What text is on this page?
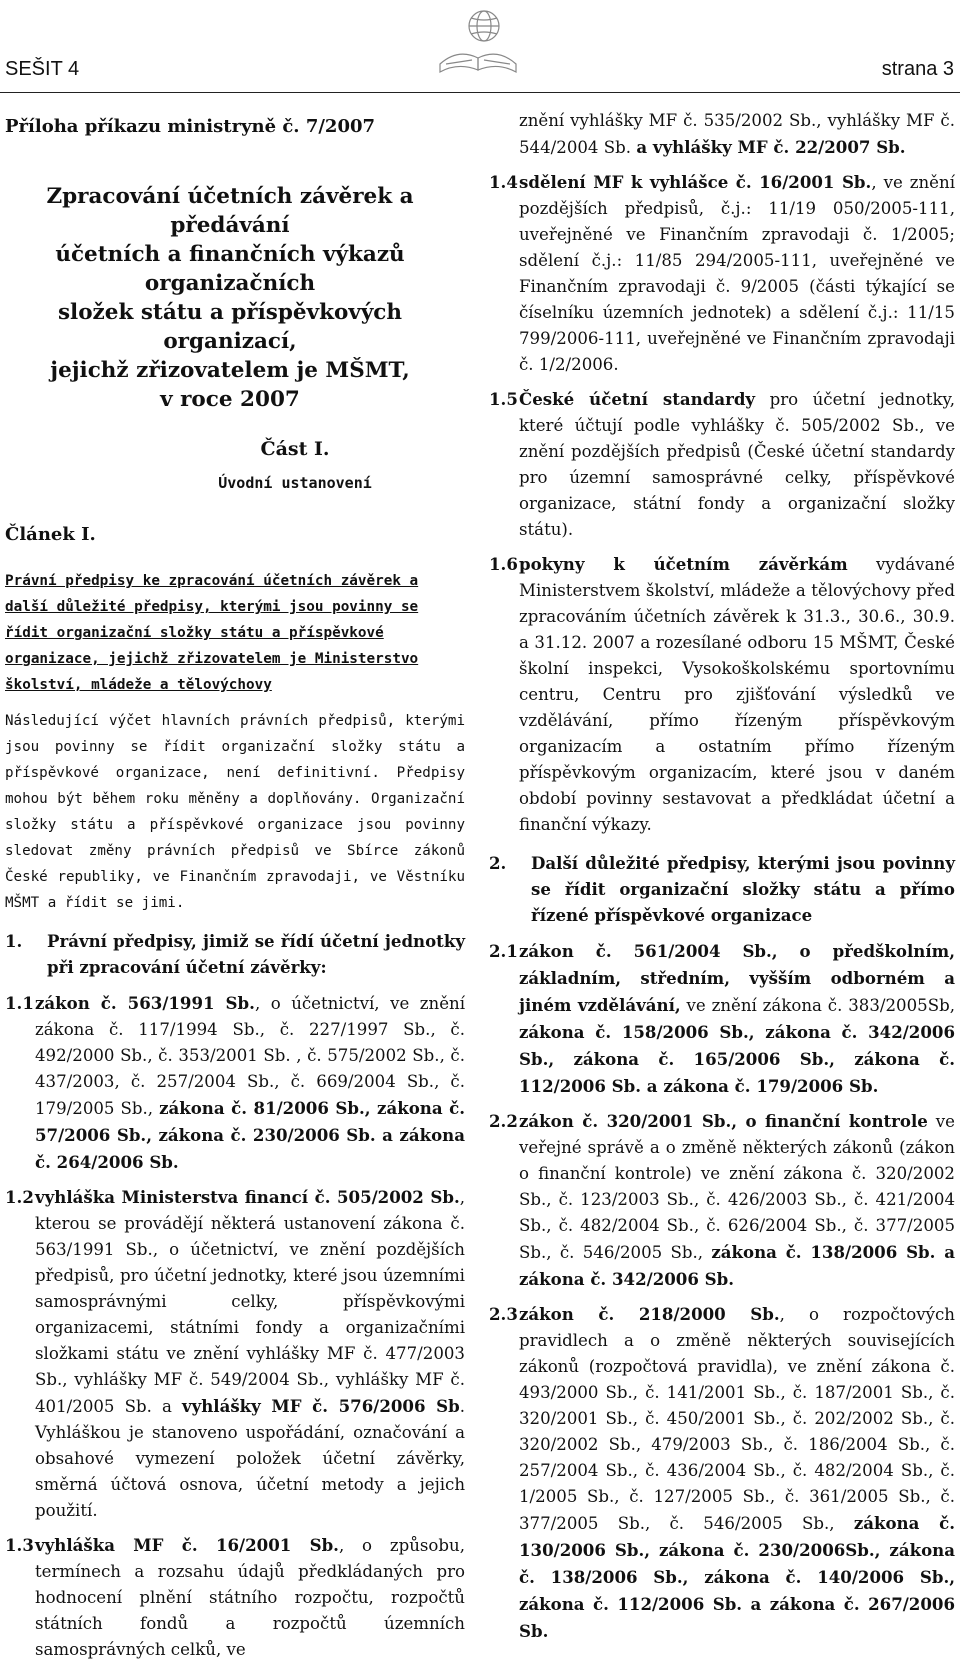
SEŠIT 4	strana 3
Příloha příkazu ministryně č. 7/2007
Zpracování účetních závěrek a předávání
účetních a finančních výkazů organizačních
složek státu a příspěvkových organizací,
jejichž zřizovatelem je MŠMT,
v roce 2007
Část I.
Úvodní ustanovení
Článek I.

Právní předpisy ke zpracování účetních závěrek a další důležité předpisy, kterými jsou povinny se řídit organizační složky státu a příspěvkové organizace, jejichž zřizovatelem je Ministerstvo školství, mládeže a tělovýchovy

Následující výčet hlavních právních předpisů, kterými jsou povinny se řídit organizační složky státu a příspěvkové organizace, není definitivní. Předpisy mohou být během roku měněny a doplňovány. Organizační složky státu a příspěvkové organizace jsou povinny sledovat změny právních předpisů ve Sbírce zákonů České republiky, ve Finančním zpravodaji, ve Věstníku MŠMT a řídit se jimi.

1.	Právní předpisy, jimiž se řídí účetní jednotky při zpracování účetní závěrky:
1.1 zákon č. 563/1991 Sb., o účetnictví, ve znění zákona č. 117/1994 Sb., č. 227/1997 Sb., č. 492/2000 Sb., č. 353/2001 Sb. , č. 575/2002 Sb., č. 437/2003, č. 257/2004 Sb., č. 669/2004 Sb., č. 179/2005 Sb., zákona č. 81/2006 Sb., zákona č. 57/2006 Sb., zákona č. 230/2006 Sb. a zákona č. 264/2006 Sb.

1.2 vyhláška Ministerstva financí č. 505/2002 Sb., kterou se provádějí některá ustanovení zákona č. 563/1991 Sb., o účetnictví, ve znění pozdějších předpisů, pro účetní jednotky, které jsou územními samosprávnými celky, příspěvkovými organizacemi, státními fondy a organizačními složkami státu ve znění vyhlášky MF č. 477/2003 Sb., vyhlášky MF č. 549/2004 Sb., vyhlášky MF č. 401/2005 Sb. a vyhlášky MF č. 576/2006 Sb. Vyhláškou je stanoveno uspořádání, označování a obsahové vymezení položek účetní závěrky, směrná účtová osnova, účetní metody a jejich použití.

1.3 vyhláška MF č. 16/2001 Sb., o způsobu, termínech a rozsahu údajů předkládaných pro hodnocení plnění státního rozpočtu, rozpočtů státních fondů a rozpočtů územních samosprávných celků, ve

znění vyhlášky MF č. 535/2002 Sb., vyhlášky MF č. 544/2004 Sb. a vyhlášky MF č. 22/2007 Sb.

1.4 sdělení MF k vyhlášce č. 16/2001 Sb., ve znění pozdějších předpisů, č.j.: 11/19 050/2005-111, uveřejněné ve Finančním zpravodaji č. 1/2005; sdělení č.j.: 11/85 294/2005-111, uveřejněné ve Finančním zpravodaji č. 9/2005 (části týkající se číselníku územních jednotek) a sdělení č.j.: 11/15 799/2006-111, uveřejněné ve Finančním zpravodaji č. 1/2/2006.

1.5 České účetní standardy pro účetní jednotky, které účtují podle vyhlášky č. 505/2002 Sb., ve znění pozdějších předpisů (České účetní standardy pro územní samosprávné celky, příspěvkové organizace, státní fondy a organizační složky státu).

1.6 pokyny k účetním závěrkám vydávané Ministerstvem školství, mládeže a tělovýchovy před zpracováním účetních závěrek k 31.3., 30.6., 30.9. a 31.12. 2007 a rozesílané odboru 15 MŠMT, České školní inspekci, Vysokoškolskému sportovnímu centru, Centru pro zjišťování výsledků ve vzdělávání, přímo řízeným příspěvkovým organizacím a ostatním přímo řízeným příspěvkovým organizacím, které jsou v daném období povinny sestavovat a předkládat účetní a finanční výkazy.

2.	Další důležité předpisy, kterými jsou povinny se řídit organizační složky státu a přímo řízené příspěvkové organizace
2.1 zákon č. 561/2004 Sb., o předškolním, základním, středním, vyšším odborném a jiném vzdělávání, ve znění zákona č. 383/2005Sb, zákona č. 158/2006 Sb., zákona č. 342/2006 Sb., zákona č. 165/2006 Sb., zákona č. 112/2006 Sb. a zákona č. 179/2006 Sb.

2.2 zákon č. 320/2001 Sb., o finanční kontrole ve veřejné správě a o změně některých zákonů (zákon o finanční kontrole) ve znění zákona č. 320/2002 Sb., č. 123/2003 Sb., č. 426/2003 Sb., č. 421/2004 Sb., č. 482/2004 Sb., č. 626/2004 Sb., č. 377/2005 Sb., č. 546/2005 Sb., zákona č. 138/2006 Sb. a zákona č. 342/2006 Sb.

2.3 zákon č. 218/2000 Sb., o rozpočtových pravidlech a o změně některých souvisejících zákonů (rozpočtová pravidla), ve znění zákona č. 493/2000 Sb., č. 141/2001 Sb., č. 187/2001 Sb., č. 320/2001 Sb., č. 450/2001 Sb., č. 202/2002 Sb., č. 320/2002 Sb., 479/2003 Sb., č. 186/2004 Sb., č. 257/2004 Sb., č. 436/2004 Sb., č. 482/2004 Sb., č. 1/2005 Sb., č. 127/2005 Sb., č. 361/2005 Sb., č. 377/2005 Sb., č. 546/2005 Sb., zákona č. 130/2006 Sb., zákona č. 230/2006Sb., zákona č. 138/2006 Sb., zákona č. 140/2006 Sb., zákona č. 112/2006 Sb. a zákona č. 267/2006 Sb.
